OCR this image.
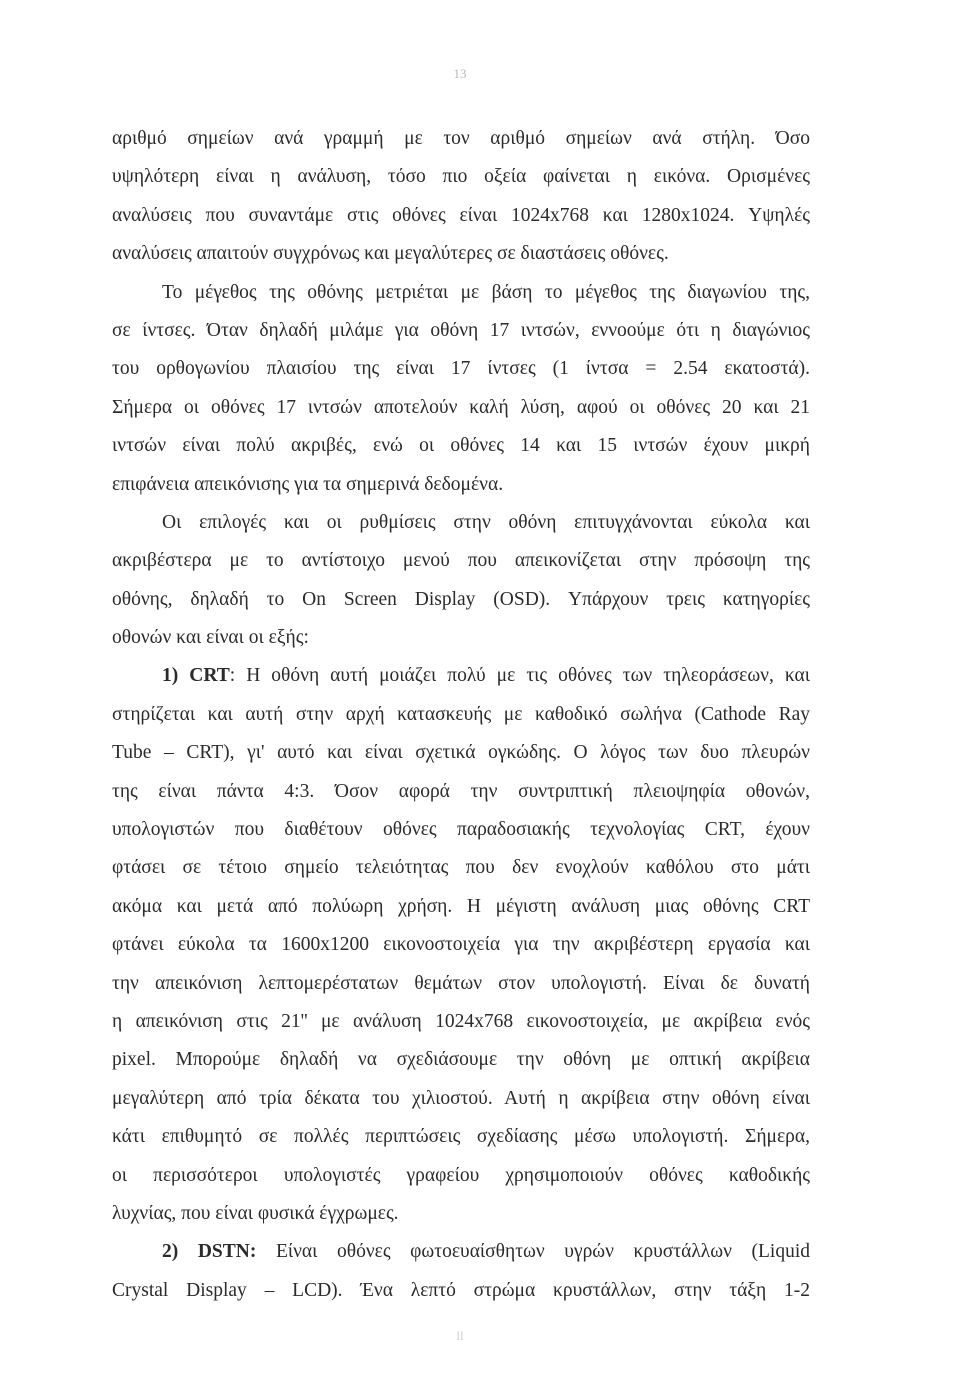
13
αριθμό σημείων ανά γραμμή με τον αριθμό σημείων ανά στήλη. Όσο
υψηλότερη είναι η ανάλυση, τόσο πιο οξεία φαίνεται η εικόνα. Ορισμένες
αναλύσεις που συναντάμε στις οθόνες είναι 1024x768 και 1280x1024. Υψηλές
αναλύσεις απαιτούν συγχρόνως και μεγαλύτερες σε διαστάσεις οθόνες.
Το μέγεθος της οθόνης μετριέται με βάση το μέγεθος της διαγωνίου της,
σε ίντσες. Όταν δηλαδή μιλάμε για οθόνη 17 ιντσών, εννοούμε ότι η διαγώνιος
του ορθογωνίου πλαισίου της είναι 17 ίντσες (1 ίντσα = 2.54 εκατοστά).
Σήμερα οι οθόνες 17 ιντσών αποτελούν καλή λύση, αφού οι οθόνες 20 και 21
ιντσών είναι πολύ ακριβές, ενώ οι οθόνες 14 και 15 ιντσών έχουν μικρή
επιφάνεια απεικόνισης για τα σημερινά δεδομένα.
Οι επιλογές και οι ρυθμίσεις στην οθόνη επιτυγχάνονται εύκολα και
ακριβέστερα με το αντίστοιχο μενού που απεικονίζεται στην πρόσοψη της
οθόνης, δηλαδή το On Screen Display (OSD). Υπάρχουν τρεις κατηγορίες
οθονών και είναι οι εξής:
1) CRT: Η οθόνη αυτή μοιάζει πολύ με τις οθόνες των τηλεοράσεων, και
στηρίζεται και αυτή στην αρχή κατασκευής με καθοδικό σωλήνα (Cathode Ray
Tube – CRT), γι' αυτό και είναι σχετικά ογκώδης. Ο λόγος των δυο πλευρών
της είναι πάντα 4:3. Όσον αφορά την συντριπτική πλειοψηφία οθονών,
υπολογιστών που διαθέτουν οθόνες παραδοσιακής τεχνολογίας CRT, έχουν
φτάσει σε τέτοιο σημείο τελειότητας που δεν ενοχλούν καθόλου στο μάτι
ακόμα και μετά από πολύωρη χρήση. Η μέγιστη ανάλυση μιας οθόνης CRT
φτάνει εύκολα τα 1600x1200 εικονοστοιχεία για την ακριβέστερη εργασία και
την απεικόνιση λεπτομερέστατων θεμάτων στον υπολογιστή. Είναι δε δυνατή
η απεικόνιση στις 21'' με ανάλυση 1024x768 εικονοστοιχεία, με ακρίβεια ενός
pixel. Μπορούμε δηλαδή να σχεδιάσουμε την οθόνη με οπτική ακρίβεια
μεγαλύτερη από τρία δέκατα του χιλιοστού. Αυτή η ακρίβεια στην οθόνη είναι
κάτι επιθυμητό σε πολλές περιπτώσεις σχεδίασης μέσω υπολογιστή. Σήμερα,
οι περισσότεροι υπολογιστές γραφείου χρησιμοποιούν οθόνες καθοδικής
λυχνίας, που είναι φυσικά έγχρωμες.
2) DSTN: Είναι οθόνες φωτοευαίσθητων υγρών κρυστάλλων (Liquid
Crystal Display – LCD). Ένα λεπτό στρώμα κρυστάλλων, στην τάξη 1-2
ll
